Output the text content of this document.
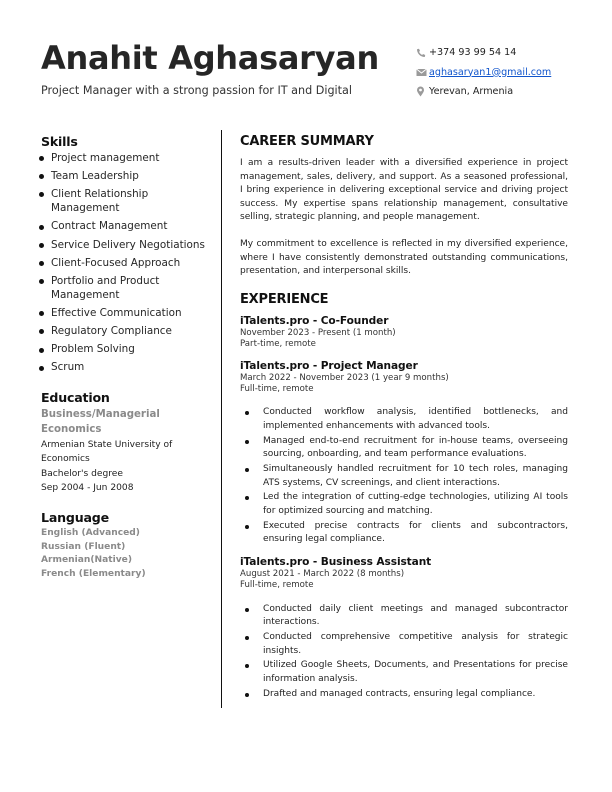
Anahit Aghasaryan

Project Manager with a strong passion for IT and Digital

+374 93 99 54 14
aghasaryan1@gmail.com
Yerevan, Armenia
Skills
Project management
Team Leadership
Client Relationship Management
Contract Management
Service Delivery Negotiations
Client-Focused Approach
Portfolio and Product Management
Effective Communication
Regulatory Compliance
Problem Solving
Scrum
Education

Business/Managerial Economics

Armenian State University of Economics

Bachelor's degree

Sep 2004 - Jun 2008

Language

English (Advanced)

Russian (Fluent)

Armenian(Native)

French (Elementary)

CAREER SUMMARY

I am a results-driven leader with a diversified experience in project management, sales, delivery, and support. As a seasoned professional, I bring experience in delivering exceptional service and driving project success. My expertise spans relationship management, consultative selling, strategic planning, and people management.

My commitment to excellence is reflected in my diversified experience, where I have consistently demonstrated outstanding communications, presentation, and interpersonal skills.

EXPERIENCE

iTalents.pro - Co-Founder

November 2023 - Present (1 month)

Part-time, remote

iTalents.pro - Project Manager

March 2022 - November 2023 (1 year 9 months)

Full-time, remote

Conducted workflow analysis, identified bottlenecks, and implemented enhancements with advanced tools.
Managed end-to-end recruitment for in-house teams, overseeing sourcing, onboarding, and team performance evaluations.
Simultaneously handled recruitment for 10 tech roles, managing ATS systems, CV screenings, and client interactions.
Led the integration of cutting-edge technologies, utilizing AI tools for optimized sourcing and matching.
Executed precise contracts for clients and subcontractors, ensuring legal compliance.

iTalents.pro - Business Assistant

August 2021 - March 2022 (8 months)

Full-time, remote

Conducted daily client meetings and managed subcontractor interactions.
Conducted comprehensive competitive analysis for strategic insights.
Utilized Google Sheets, Documents, and Presentations for precise information analysis.
Drafted and managed contracts, ensuring legal compliance.
